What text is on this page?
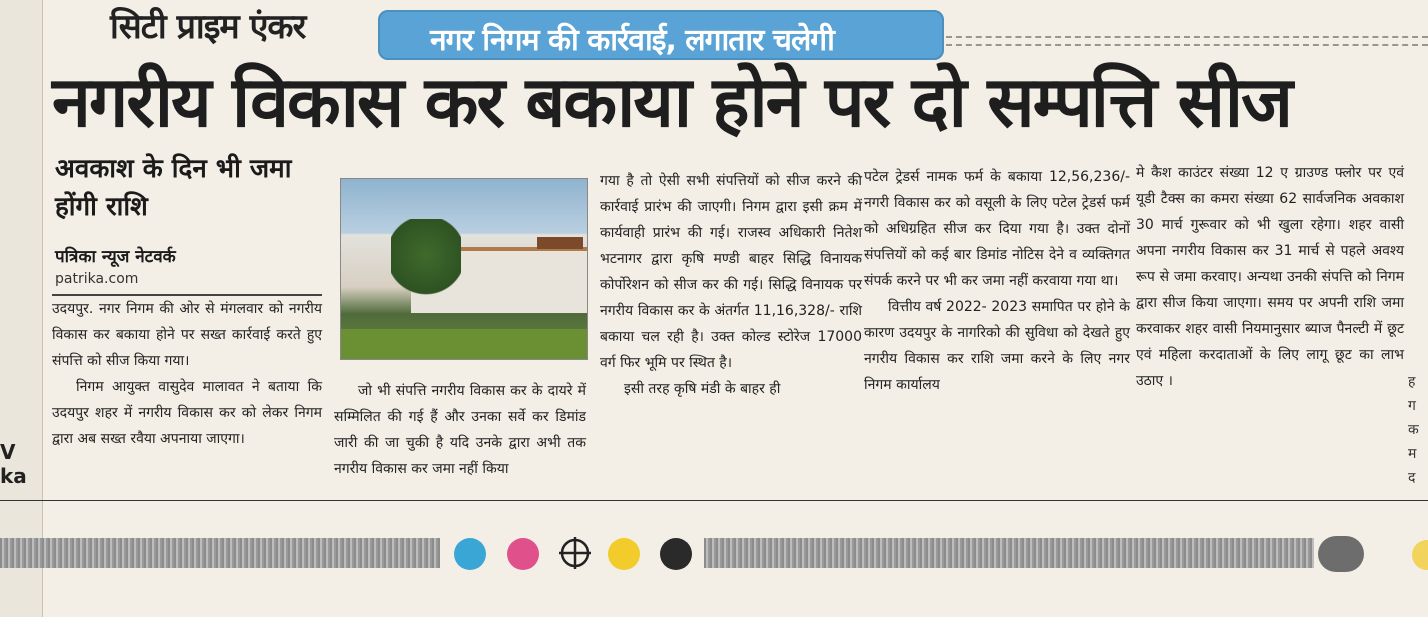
V
ka
सिटी प्राइम एंकर	नगर निगम की कार्रवाई, लगातार चलेगी
नगरीय विकास कर बकाया होने पर दो सम्पत्ति सीज
अवकाश के दिन भी जमा होंगी राशि
पत्रिका न्यूज नेटवर्क
patrika.com

उदयपुर. नगर निगम की ओर से मंगलवार को नगरीय विकास कर बकाया होने पर सख्त कार्रवाई करते हुए संपत्ति को सीज किया गया।

निगम आयुक्त वासुदेव मालावत ने बताया कि उदयपुर शहर में नगरीय विकास कर को लेकर निगम द्वारा अब सख्त रवैया अपनाया जाएगा।

जो भी संपत्ति नगरीय विकास कर के दायरे में सम्मिलित की गई हैं और उनका सर्वे कर डिमांड जारी की जा चुकी है यदि उनके द्वारा अभी तक नगरीय विकास कर जमा नहीं किया

गया है तो ऐसी सभी संपत्तियों को सीज करने की कार्रवाई प्रारंभ की जाएगी। निगम द्वारा इसी क्रम में कार्यवाही प्रारंभ की गई। राजस्व अधिकारी नितेश भटनागर द्वारा कृषि मण्डी बाहर सिद्धि विनायक कोर्पोरेशन को सीज कर की गई। सिद्धि विनायक पर नगरीय विकास कर के अंतर्गत 11,16,328/- राशि बकाया चल रही है। उक्त कोल्ड स्टोरेज 17000 वर्ग फिर भूमि पर स्थित है।

इसी तरह कृषि मंडी के बाहर ही

पटेल ट्रेडर्स नामक फर्म के बकाया 12,56,236/- नगरी विकास कर को वसूली के लिए पटेल ट्रेडर्स फर्म को अधिग्रहित सीज कर दिया गया है। उक्त दोनों संपत्तियों को कई बार डिमांड नोटिस देने व व्यक्तिगत संपर्क करने पर भी कर जमा नहीं करवाया गया था।

वित्तीय वर्ष 2022- 2023 समापित पर होने के कारण उदयपुर के नागरिको की सुविधा को देखते हुए नगरीय विकास कर राशि जमा करने के लिए नगर निगम कार्यालय

मे कैश काउंटर संख्या 12 ए ग्राउण्ड फ्लोर पर एवं यूडी टैक्स का कमरा संख्या 62 सार्वजनिक अवकाश 30 मार्च गुरूवार को भी खुला रहेगा। शहर वासी अपना नगरीय विकास कर 31 मार्च से पहले अवश्य रूप से जमा करवाए। अन्यथा उनकी संपत्ति को निगम द्वारा सीज किया जाएगा। समय पर अपनी राशि जमा करवाकर शहर वासी नियमानुसार ब्याज पैनल्टी में छूट एवं महिला करदाताओं के लिए लागू छूट का लाभ उठाए ।	ह
ग
क
म
द
